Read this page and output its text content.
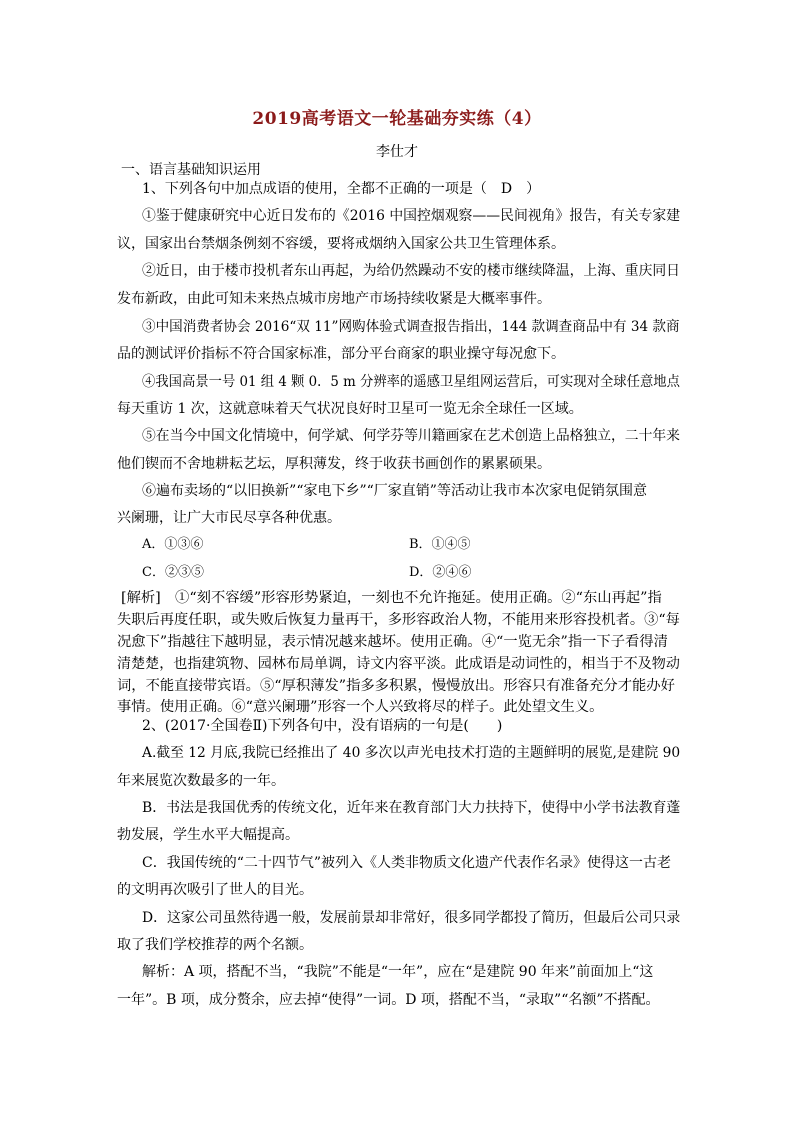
2019高考语文一轮基础夯实练（4）
李仕才
一、语言基础知识运用
1、下列各句中加点成语的使用，全都不正确的一项是（　D　）
①鉴于健康研究中心近日发布的《2016 中国控烟观察——民间视角》报告，有关专家建
议，国家出台禁烟条例刻不容缓，要将戒烟纳入国家公共卫生管理体系。
②近日，由于楼市投机者东山再起，为给仍然躁动不安的楼市继续降温，上海、重庆同日
发布新政，由此可知未来热点城市房地产市场持续收紧是大概率事件。
③中国消费者协会 2016“双 11”网购体验式调查报告指出，144 款调查商品中有 34 款商
品的测试评价指标不符合国家标准，部分平台商家的职业操守每况愈下。
④我国高景一号 01 组 4 颗 0．5 m 分辨率的遥感卫星组网运营后，可实现对全球任意地点
每天重访 1 次，这就意味着天气状况良好时卫星可一览无余全球任一区域。
⑤在当今中国文化情境中，何学斌、何学芬等川籍画家在艺术创造上品格独立，二十年来
他们锲而不舍地耕耘艺坛，厚积薄发，终于收获书画创作的累累硕果。
⑥遍布卖场的“以旧换新”“家电下乡”“厂家直销”等活动让我市本次家电促销氛围意
兴阑珊，让广大市民尽享各种优惠。
A．①③⑥	B．①④⑤
C．②③⑤	D．②④⑥
[解析]　①“刻不容缓”形容形势紧迫，一刻也不允许拖延。使用正确。②“东山再起”指
失职后再度任职，或失败后恢复力量再干，多形容政治人物，不能用来形容投机者。③“每
况愈下”指越往下越明显，表示情况越来越坏。使用正确。④“一览无余”指一下子看得清
清楚楚，也指建筑物、园林布局单调，诗文内容平淡。此成语是动词性的，相当于不及物动
词，不能直接带宾语。⑤“厚积薄发”指多多积累，慢慢放出。形容只有准备充分才能办好
事情。使用正确。⑥“意兴阑珊”形容一个人兴致将尽的样子。此处望文生义。
2、(2017·全国卷Ⅱ)下列各句中，没有语病的一句是(　　)
A.截至 12 月底,我院已经推出了 40 多次以声光电技术打造的主题鲜明的展览,是建院 90
年来展览次数最多的一年。
B．书法是我国优秀的传统文化，近年来在教育部门大力扶持下，使得中小学书法教育蓬
勃发展，学生水平大幅提高。
C．我国传统的“二十四节气”被列入《人类非物质文化遗产代表作名录》使得这一古老
的文明再次吸引了世人的目光。
D．这家公司虽然待遇一般，发展前景却非常好，很多同学都投了简历，但最后公司只录
取了我们学校推荐的两个名额。
解析：A 项，搭配不当，“我院”不能是“一年”，应在“是建院 90 年来”前面加上“这
一年”。B 项，成分赘余，应去掉“使得”一词。D 项，搭配不当，“录取”“名额”不搭配。
